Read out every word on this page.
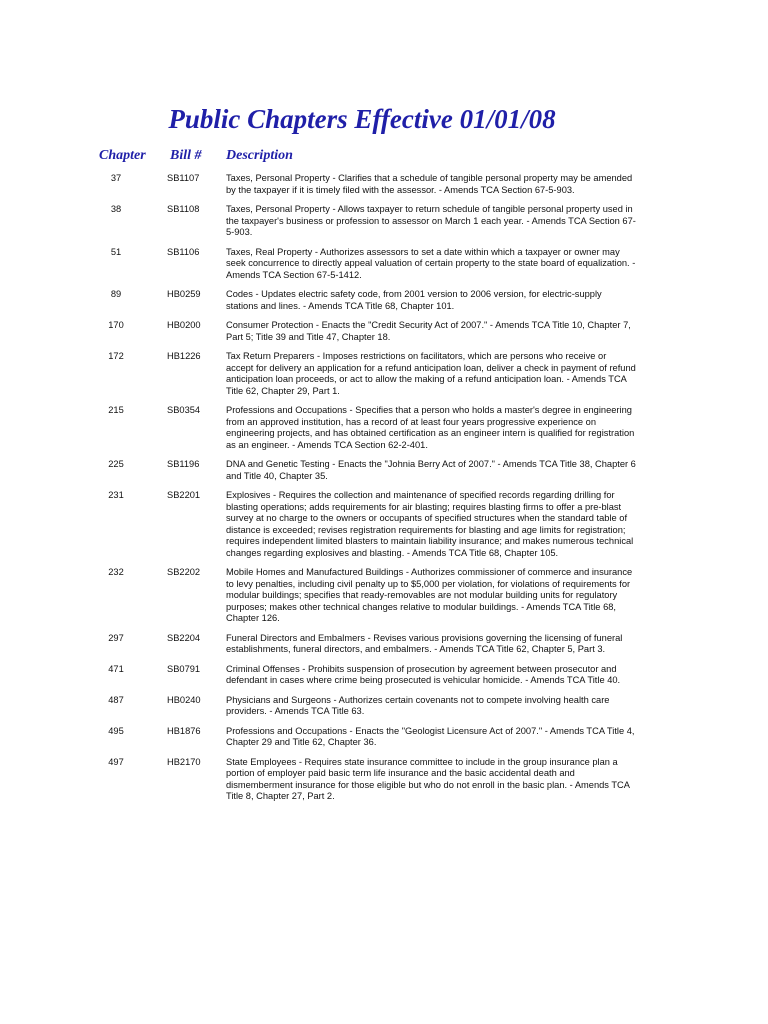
Public Chapters Effective 01/01/08
Chapter Bill # Description
37	SB1107	Taxes, Personal Property - Clarifies that a schedule of tangible personal property may be amended by the taxpayer if it is timely filed with the assessor. - Amends TCA Section 67-5-903.
38	SB1108	Taxes, Personal Property - Allows taxpayer to return schedule of tangible personal property used in the taxpayer's business or profession to assessor on March 1 each year. - Amends TCA Section 67-5-903.
51	SB1106	Taxes, Real Property - Authorizes assessors to set a date within which a taxpayer or owner may seek concurrence to directly appeal valuation of certain property to the state board of equalization. - Amends TCA Section 67-5-1412.
89	HB0259	Codes - Updates electric safety code, from 2001 version to 2006 version, for electric-supply stations and lines. - Amends TCA Title 68, Chapter 101.
170	HB0200	Consumer Protection - Enacts the "Credit Security Act of 2007." - Amends TCA Title 10, Chapter 7, Part 5; Title 39 and Title 47, Chapter 18.
172	HB1226	Tax Return Preparers - Imposes restrictions on facilitators, which are persons who receive or accept for delivery an application for a refund anticipation loan, deliver a check in payment of refund anticipation loan proceeds, or act to allow the making of a refund anticipation loan. - Amends TCA Title 62, Chapter 29, Part 1.
215	SB0354	Professions and Occupations - Specifies that a person who holds a master's degree in engineering from an approved institution, has a record of at least four years progressive experience on engineering projects, and has obtained certification as an engineer intern is qualified for registration as an engineer. - Amends TCA Section 62-2-401.
225	SB1196	DNA and Genetic Testing - Enacts the "Johnia Berry Act of 2007." - Amends TCA Title 38, Chapter 6 and Title 40, Chapter 35.
231	SB2201	Explosives - Requires the collection and maintenance of specified records regarding drilling for blasting operations; adds requirements for air blasting; requires blasting firms to offer a pre-blast survey at no charge to the owners or occupants of specified structures when the standard table of distance is exceeded; revises registration requirements for blasting and age limits for registration; requires independent limited blasters to maintain liability insurance; and makes numerous technical changes regarding explosives and blasting. - Amends TCA Title 68, Chapter 105.
232	SB2202	Mobile Homes and Manufactured Buildings - Authorizes commissioner of commerce and insurance to levy penalties, including civil penalty up to $5,000 per violation, for violations of requirements for modular buildings; specifies that ready-removables are not modular building units for regulatory purposes; makes other technical changes relative to modular buildings. - Amends TCA Title 68, Chapter 126.
297	SB2204	Funeral Directors and Embalmers - Revises various provisions governing the licensing of funeral establishments, funeral directors, and embalmers. - Amends TCA Title 62, Chapter 5, Part 3.
471	SB0791	Criminal Offenses - Prohibits suspension of prosecution by agreement between prosecutor and defendant in cases where crime being prosecuted is vehicular homicide. - Amends TCA Title 40.
487	HB0240	Physicians and Surgeons - Authorizes certain covenants not to compete involving health care providers. - Amends TCA Title 63.
495	HB1876	Professions and Occupations - Enacts the "Geologist Licensure Act of 2007." - Amends TCA Title 4, Chapter 29 and Title 62, Chapter 36.
497	HB2170	State Employees - Requires state insurance committee to include in the group insurance plan a portion of employer paid basic term life insurance and the basic accidental death and dismemberment insurance for those eligible but who do not enroll in the basic plan. - Amends TCA Title 8, Chapter 27, Part 2.
